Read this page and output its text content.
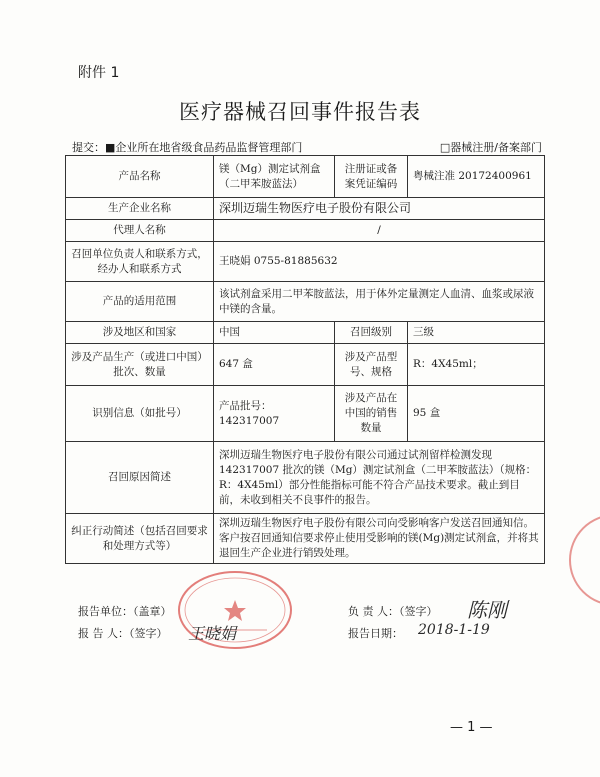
附件 1
医疗器械召回事件报告表
提交：■企业所在地省级食品药品监督管理部门	□器械注册/备案部门
产品名称	镁（Mg）测定试剂盒（二甲苯胺蓝法）	注册证或备案凭证编码	粤械注准 20172400961
生产企业名称	深圳迈瑞生物医疗电子股份有限公司		
代理人名称	/		
召回单位负责人和联系方式，经办人和联系方式	王晓娟 0755-81885632		
产品的适用范围	该试剂盒采用二甲苯胺蓝法，用于体外定量测定人血清、血浆或尿液中镁的含量。		
涉及地区和国家	中国	召回级别	三级
涉及产品生产（或进口中国）批次、数量	647 盒	涉及产品型号、规格	R：4X45ml；
识别信息（如批号）	产品批号：142317007	涉及产品在中国的销售数量	95 盒
召回原因简述	深圳迈瑞生物医疗电子股份有限公司通过试剂留样检测发现 142317007 批次的镁（Mg）测定试剂盒（二甲苯胺蓝法）（规格：R：4X45ml）部分性能指标可能不符合产品技术要求。截止到目前，未收到相关不良事件的报告。		
纠正行动简述（包括召回要求和处理方式等）	深圳迈瑞生物医疗电子股份有限公司向受影响客户发送召回通知信。客户按召回通知信要求停止使用受影响的镁(Mg)测定试剂盒，并将其退回生产企业进行销毁处理。		
报告单位：（盖章）
报 告 人：（签字） 王晓娟
负 责 人：（签字） 陈刚
报告日期： 2018-1-19
— 1 —
